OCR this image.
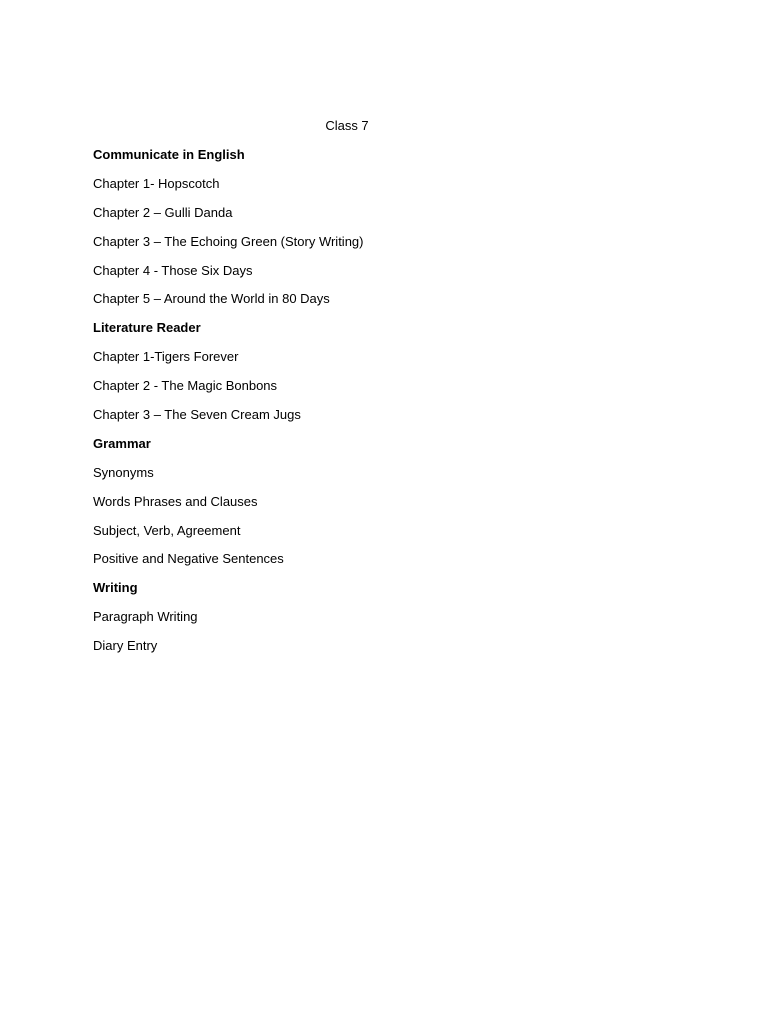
Class 7
Communicate in English
Chapter 1- Hopscotch
Chapter 2 – Gulli Danda
Chapter 3 – The Echoing Green (Story Writing)
Chapter 4 - Those Six Days
Chapter 5 – Around the World in 80 Days
Literature Reader
Chapter 1-Tigers Forever
Chapter 2 - The Magic Bonbons
Chapter 3 – The Seven Cream Jugs
Grammar
Synonyms
Words Phrases and Clauses
Subject, Verb, Agreement
Positive and Negative Sentences
Writing
Paragraph Writing
Diary Entry
